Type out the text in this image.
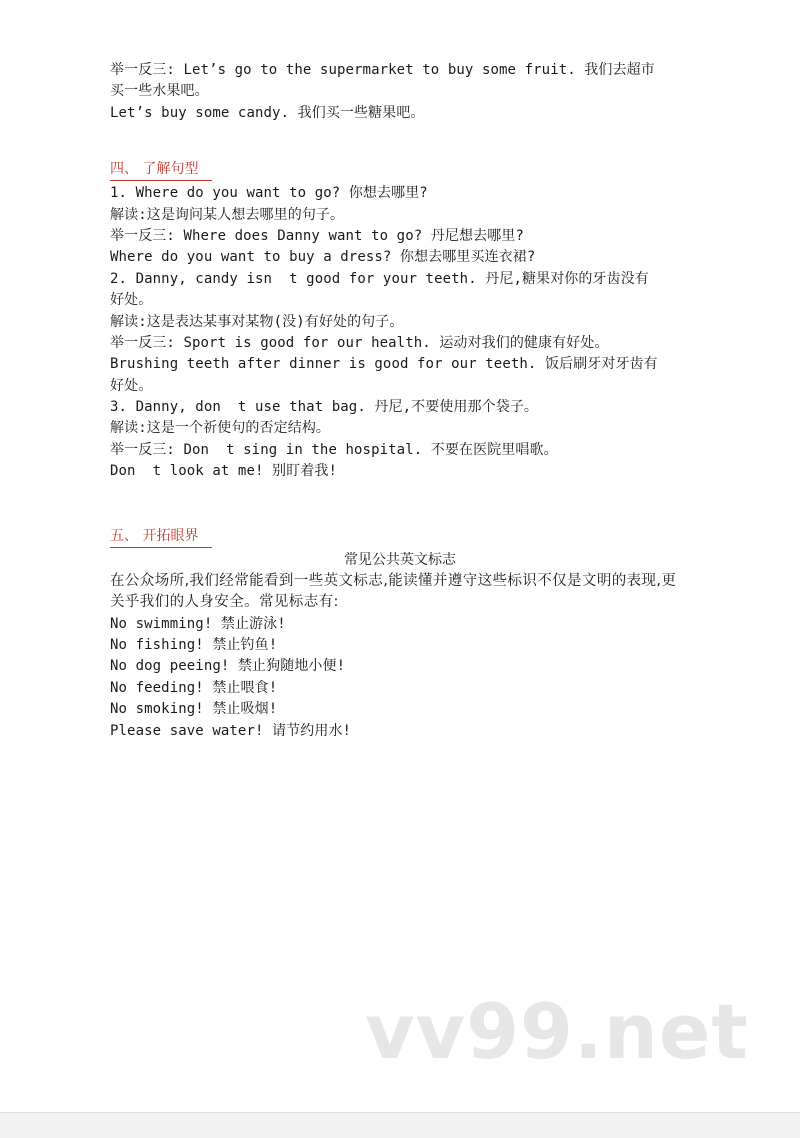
举一反三: Let’s go to the supermarket to buy some fruit. 我们去超市
买一些水果吧。
Let’s buy some candy. 我们买一些糖果吧。
四、 了解句型
1. Where do you want to go? 你想去哪里?
解读:这是询问某人想去哪里的句子。
举一反三: Where does Danny want to go? 丹尼想去哪里?
Where do you want to buy a dress? 你想去哪里买连衣裙?
2. Danny, candy isn  t good for your teeth. 丹尼,糖果对你的牙齿没有
好处。
解读:这是表达某事对某物(没)有好处的句子。
举一反三: Sport is good for our health. 运动对我们的健康有好处。
Brushing teeth after dinner is good for our teeth. 饭后刷牙对牙齿有
好处。
3. Danny, don  t use that bag. 丹尼,不要使用那个袋子。
解读:这是一个祈使句的否定结构。
举一反三: Don  t sing in the hospital. 不要在医院里唱歌。
Don  t look at me! 别盯着我!
五、 开拓眼界
常见公共英文标志
在公众场所,我们经常能看到一些英文标志,能读懂并遵守这些标识不仅是文明的表现,更关乎我们的人身安全。常见标志有:
No swimming! 禁止游泳!
No fishing! 禁止钓鱼!
No dog peeing! 禁止狗随地小便!
No feeding! 禁止喂食!
No smoking! 禁止吸烟!
Please save water! 请节约用水!
vv99.net
